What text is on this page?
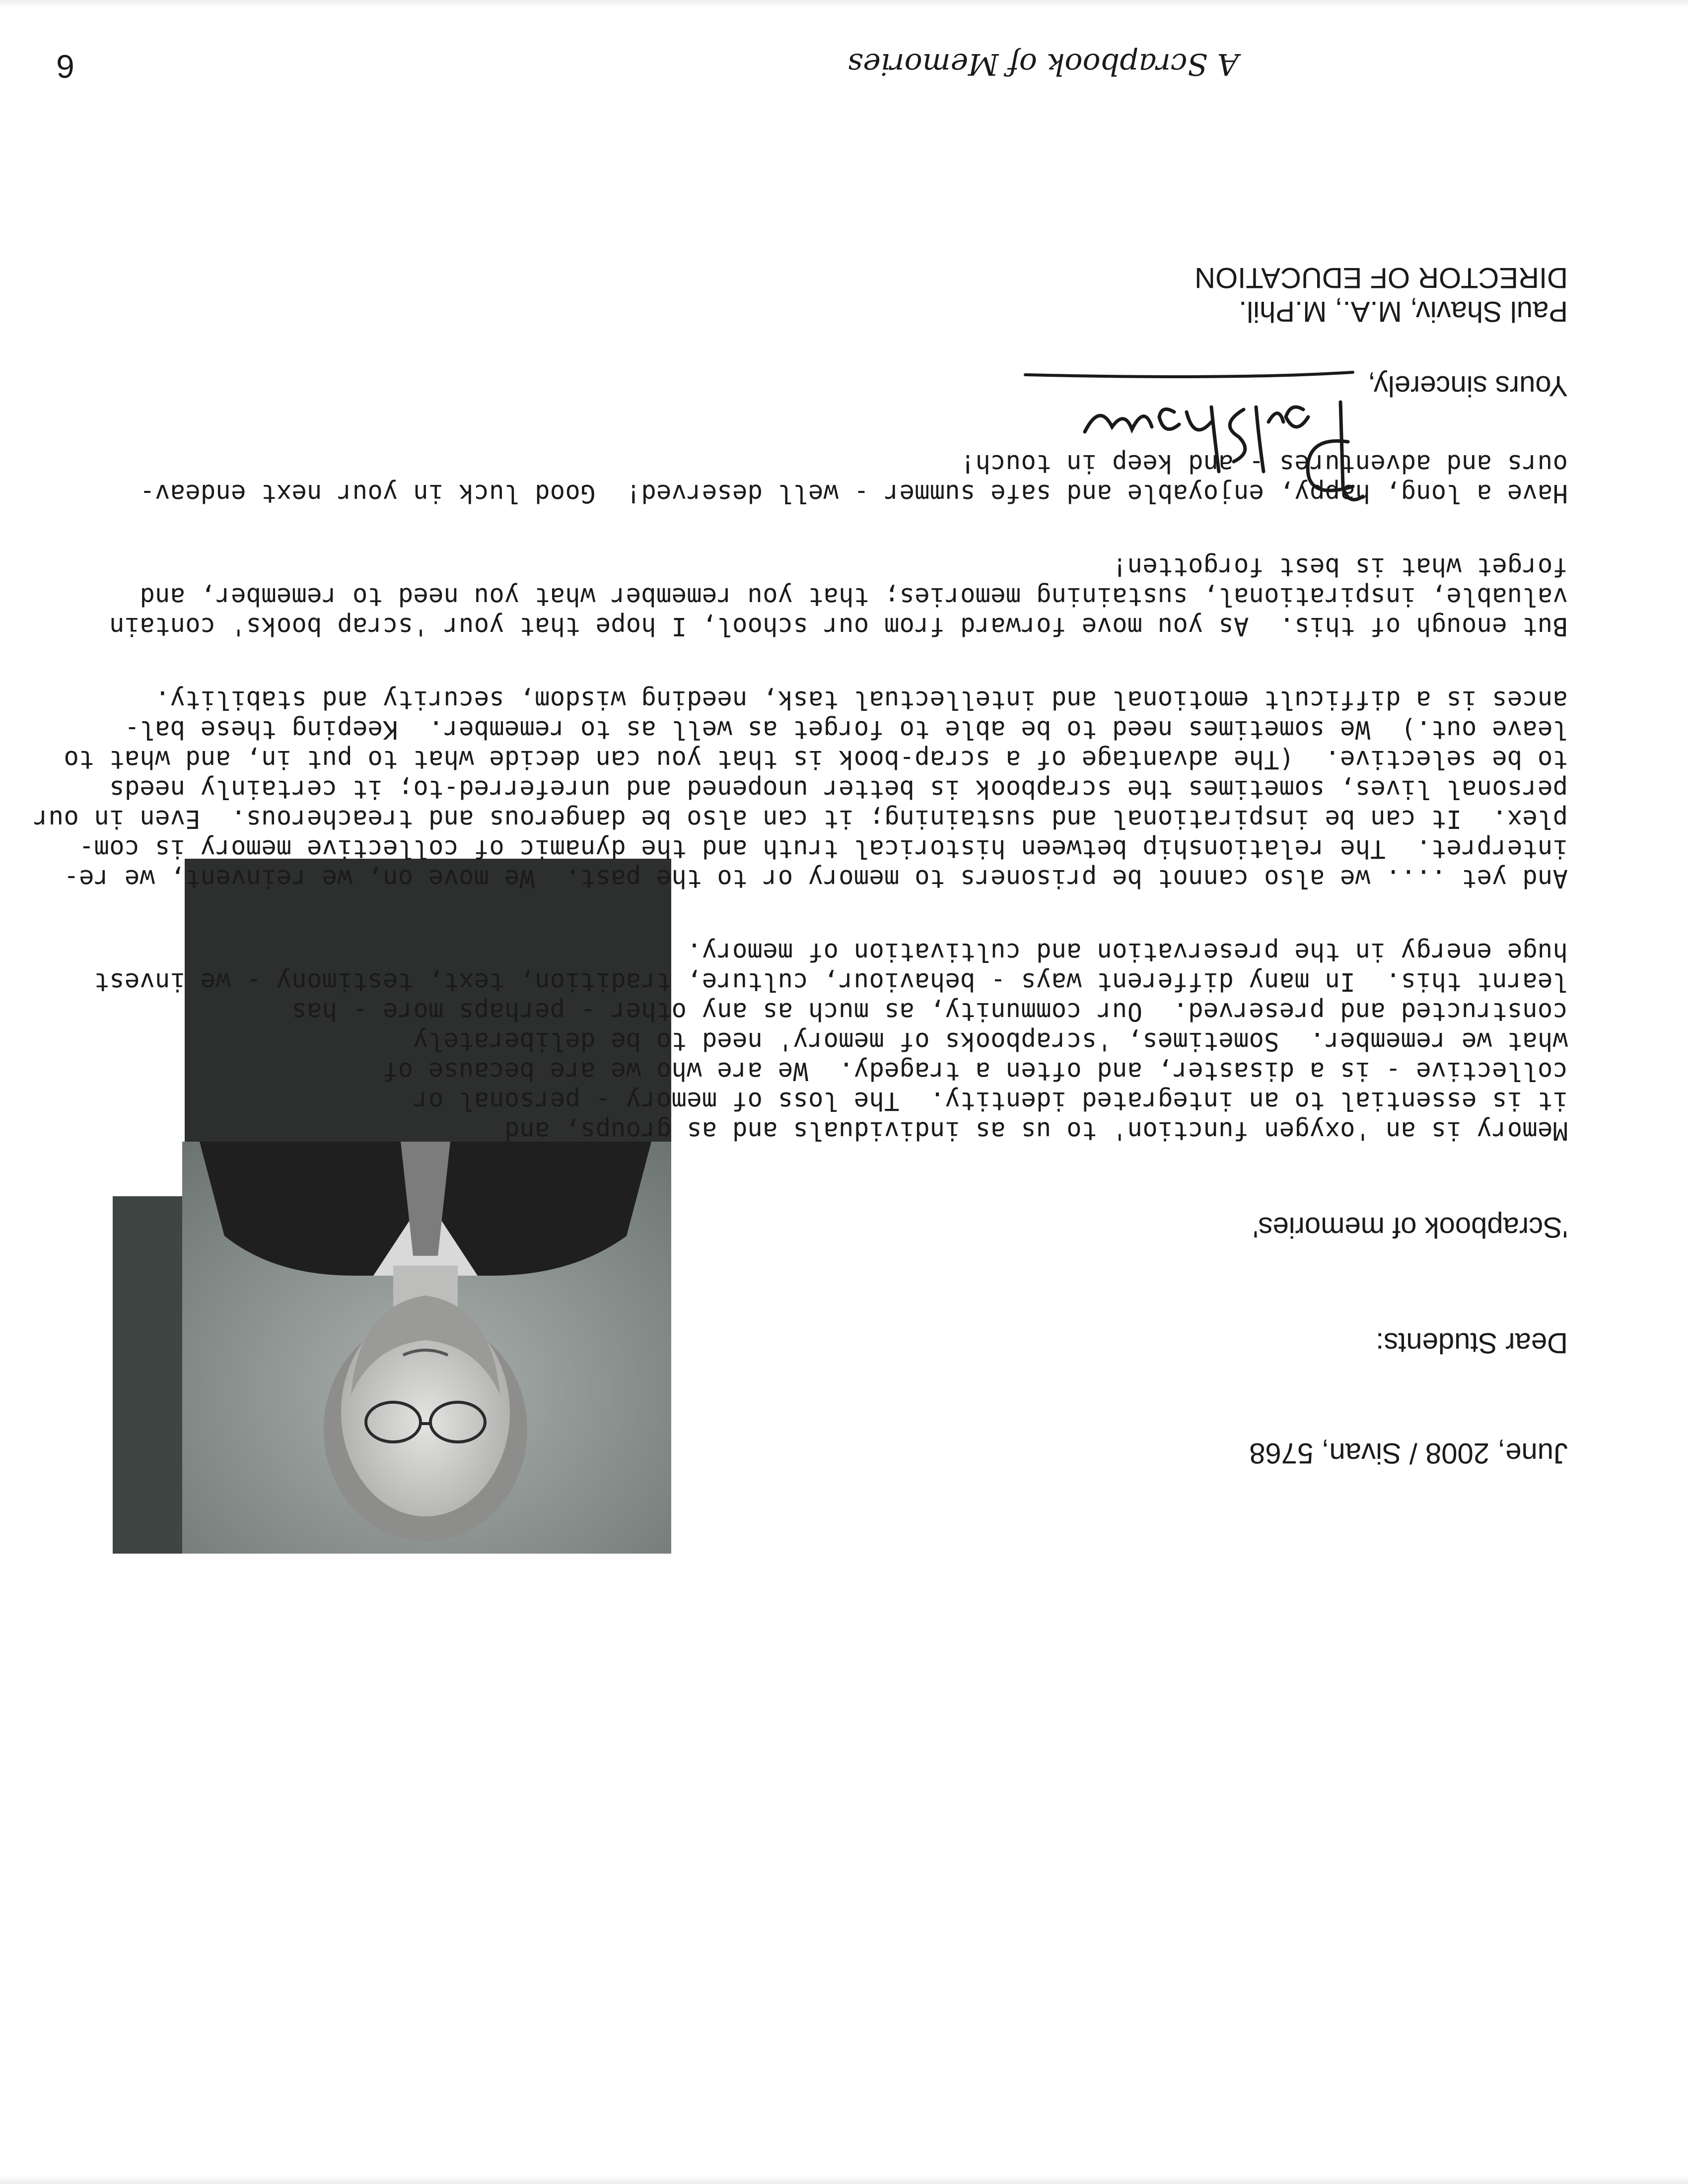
June, 2008 / Sivan, 5768
Dear Students:
'Scrapbook of memories'
Memory is an 'oxygen function' to us as individuals and as groups, and
it is essential to an integrated identity.  The loss of memory - personal or
collective - is a disaster, and often a tragedy.  We are who we are because of
what we remember.  Sometimes, 'scrapbooks of memory' need to be deliberately
constructed and preserved.  Our community, as much as any other - perhaps more - has
learnt this.  In many different ways - behaviour, culture, tradition, text, testimony - we invest
huge energy in the preservation and cultivation of memory.
And yet .... we also cannot be prisoners to memory or to the past.  We move on, we reinvent, we re-
interpret.  The relationship between historical truth and the dynamic of collective memory is com-
plex.  It can be inspirational and sustaining; it can also be dangerous and treacherous.  Even in our
personal lives, sometimes the scrapbook is better unopened and unreferred-to; it certainly needs
to be selective.  (The advantage of a scrap-book is that you can decide what to put in, and what to
leave out.)  We sometimes need to be able to forget as well as to remember.  Keeping these bal-
ances is a difficult emotional and intellectual task, needing wisdom, security and stability.
But enough of this.  As you move forward from our school, I hope that your 'scrap books' contain
valuable, inspirational, sustaining memories; that you remember what you need to remember, and
forget what is best forgotten!
Have a long, happy, enjoyable and safe summer - well deserved!  Good luck in your next endeav-
ours and adventures - and keep in touch!
Yours sincerely,
Paul Shaviv, M.A., M.Phil.
DIRECTOR OF EDUCATION
A Scrapbook of Memories
6
